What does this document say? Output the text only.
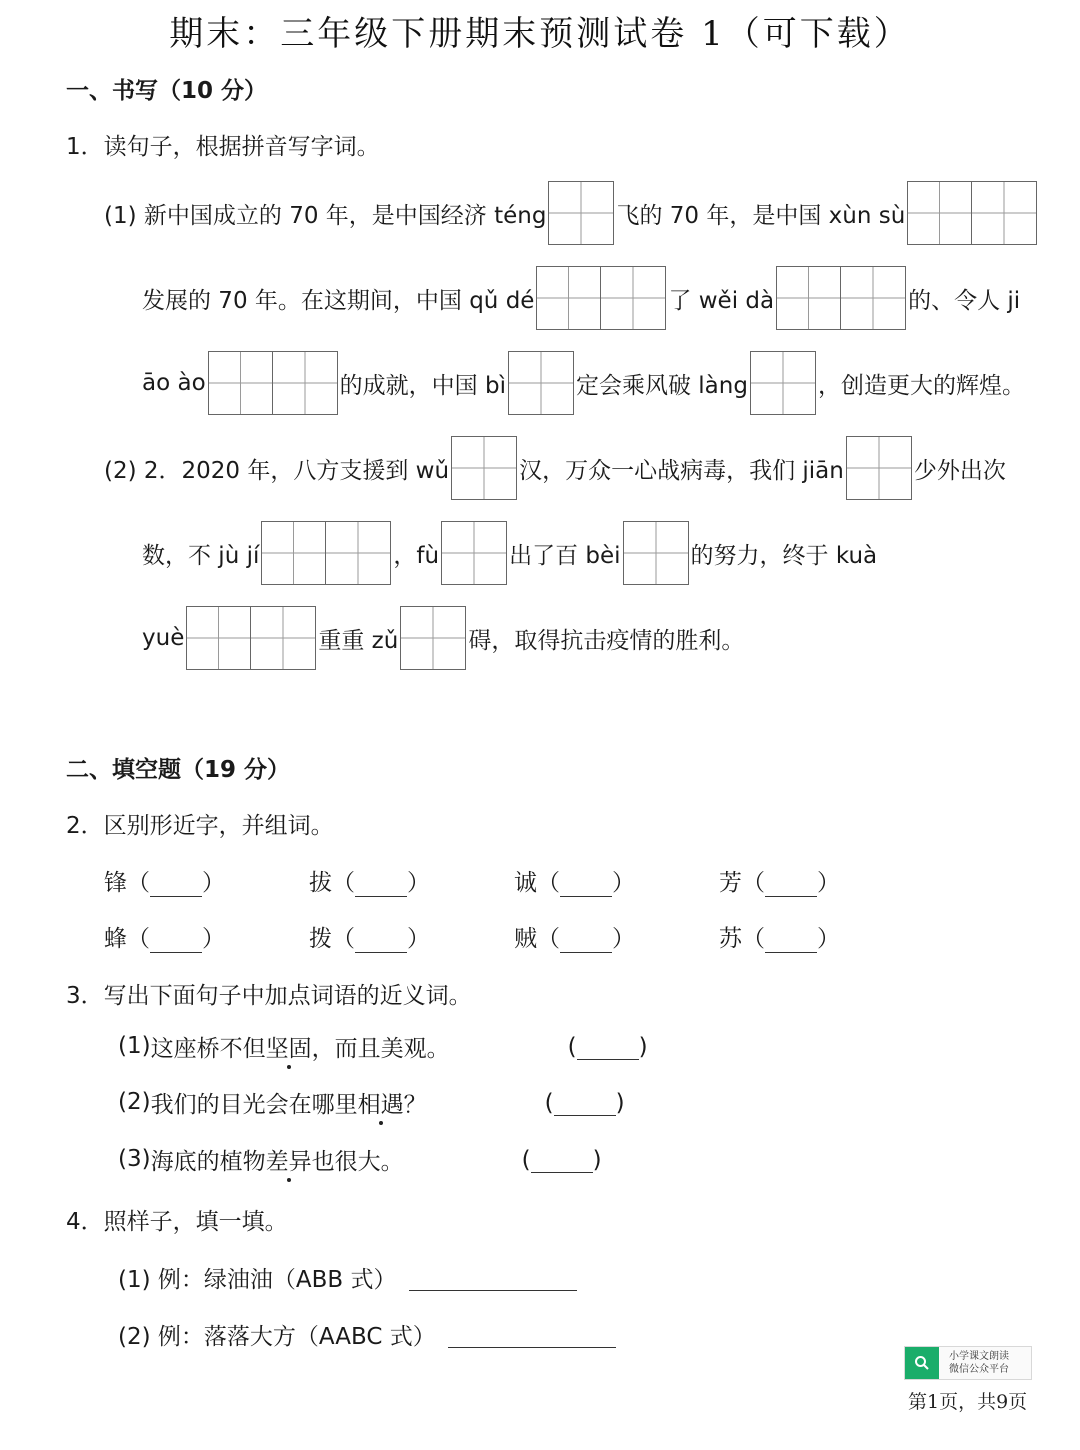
期末：三年级下册期末预测试卷 1（可下载）
一、书写（10 分）
1．读句子，根据拼音写字词。
(1) 新中国成立的 70 年，是中国经济 téng	飞的 70 年，是中国 xùn sù
发展的 70 年。在这期间，中国 qǔ dé	了 wěi dà	的、令人 ji
āo ào	的成就，中国 bì	定会乘风破 làng	，创造更大的辉煌。
(2) 2．2020 年，八方支援到 wǔ	汉，万众一心战病毒，我们 jiān	少外出次
数，不 jù jí	，fù	出了百 bèi	的努力，终于 kuà
yuè	重重 zǔ	碍，取得抗击疫情的胜利。
二、填空题（19 分）
2．区别形近字，并组词。
锋（ ）	拔（ ）	诚（ ）	芳（ ）
蜂（ ）	拨（ ）	贼（ ）	苏（ ）
3．写出下面句子中加点词语的近义词。
(1) 这座桥不但 坚固 ，而且美观。	(	)
(2) 我们的目光会在哪里 相遇 ？	(	)
(3) 海底的植物 差异 也很大。	(	)
4．照样子，填一填。
(1) 例：绿油油（ABB 式）
(2) 例：落落大方（AABC 式）
小学课文朗读
微信公众平台
第1页，共9页
